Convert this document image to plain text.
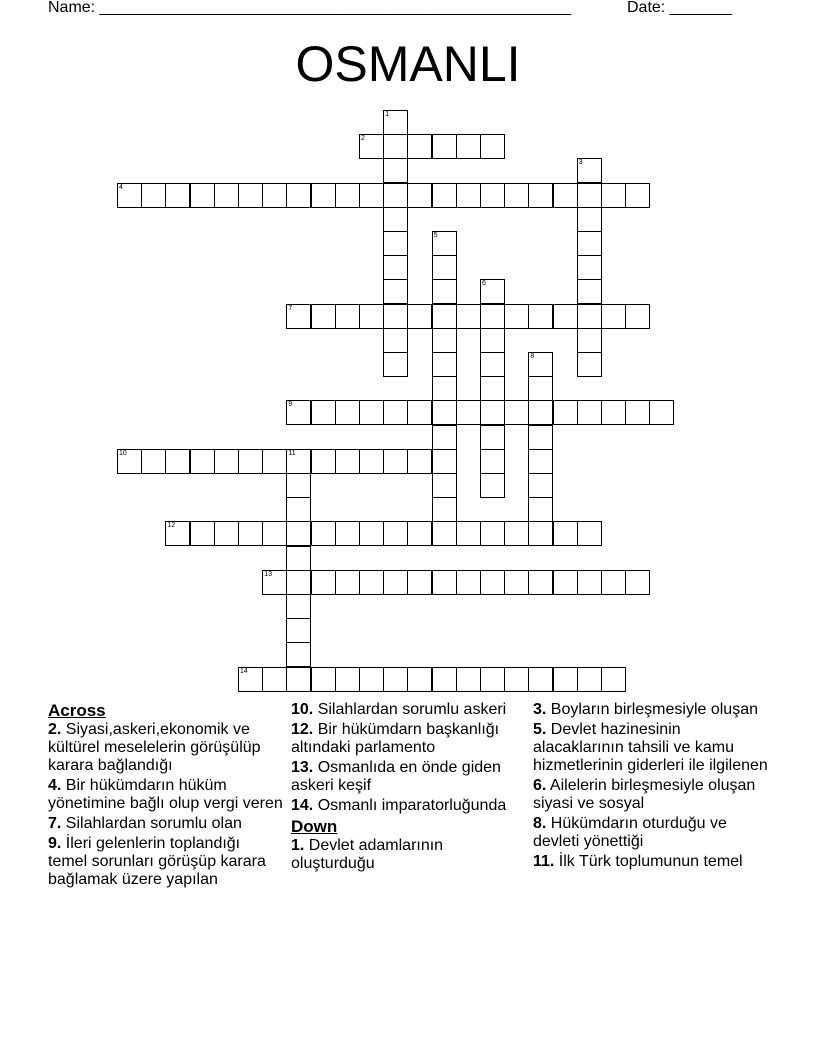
Name: _____________________________________________________	Date: _______

OSMANLI
1
2
3
4
5
6
7
8
9
10	11
12
13
14
Across
2. Siyasi,askeri,ekonomik ve kültürel meselelerin görüşülüp karara bağlandığı
4. Bir hükümdarın hüküm yönetimine bağlı olup vergi veren
7. Silahlardan sorumlu olan
9. İleri gelenlerin toplandığı temel sorunları görüşüp karara bağlamak üzere yapılan
10. Silahlardan sorumlu askeri
12. Bir hükümdarn başkanlığı altındaki parlamento
13. Osmanlıda en önde giden askeri keşif
14. Osmanlı imparatorluğunda
Down
1. Devlet adamlarının oluşturduğu
3. Boyların birleşmesiyle oluşan
5. Devlet hazinesinin alacaklarının tahsili ve kamu hizmetlerinin giderleri ile ilgilenen
6. Ailelerin birleşmesiyle oluşan siyasi ve sosyal
8. Hükümdarın oturduğu ve devleti yönettiği
11. İlk Türk toplumunun temel
